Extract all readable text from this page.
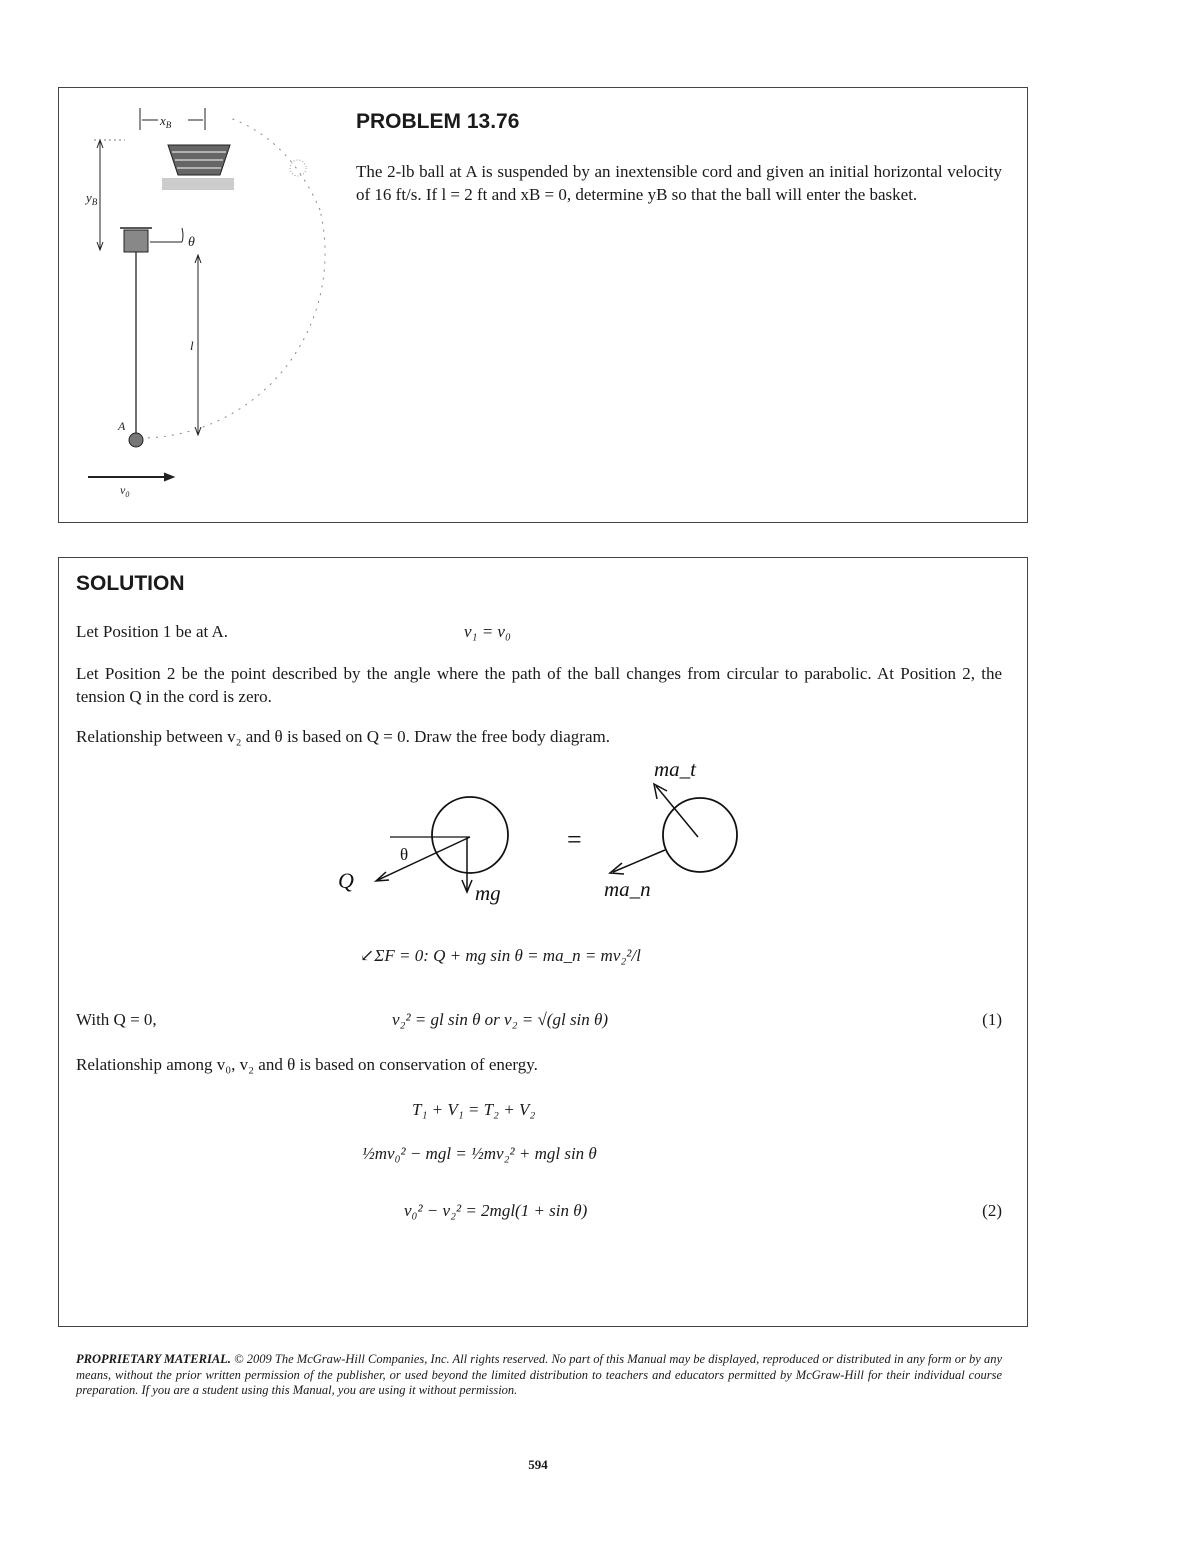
$x_B$
$y_B$
θ
l
A
$v_0$
PROBLEM 13.76
The 2-lb ball at A is suspended by an inextensible cord and given an initial horizontal velocity of 16 ft/s. If l = 2 ft and xB = 0, determine yB so that the ball will enter the basket.
SOLUTION
Let Position 1 be at A.	v₁ = v₀
Let Position 2 be the point described by the angle where the path of the ball changes from circular to parabolic. At Position 2, the tension Q in the cord is zero.
Relationship between v₂ and θ is based on Q = 0. Draw the free body diagram.
θ
Q	mg
=
ma_t
ma_n
↙ΣF = 0: Q + mg sin θ = ma_n = mv₂²/l
With Q = 0,	v₂² = gl sin θ or v₂ = √(gl sin θ)	(1)
Relationship among v₀, v₂ and θ is based on conservation of energy.
T₁ + V₁ = T₂ + V₂
½mv₀² − mgl = ½mv₂² + mgl sin θ
v₀² − v₂² = 2mgl(1 + sin θ)	(2)
PROPRIETARY MATERIAL. © 2009 The McGraw-Hill Companies, Inc. All rights reserved. No part of this Manual may be displayed, reproduced or distributed in any form or by any means, without the prior written permission of the publisher, or used beyond the limited distribution to teachers and educators permitted by McGraw-Hill for their individual course preparation. If you are a student using this Manual, you are using it without permission.
594
